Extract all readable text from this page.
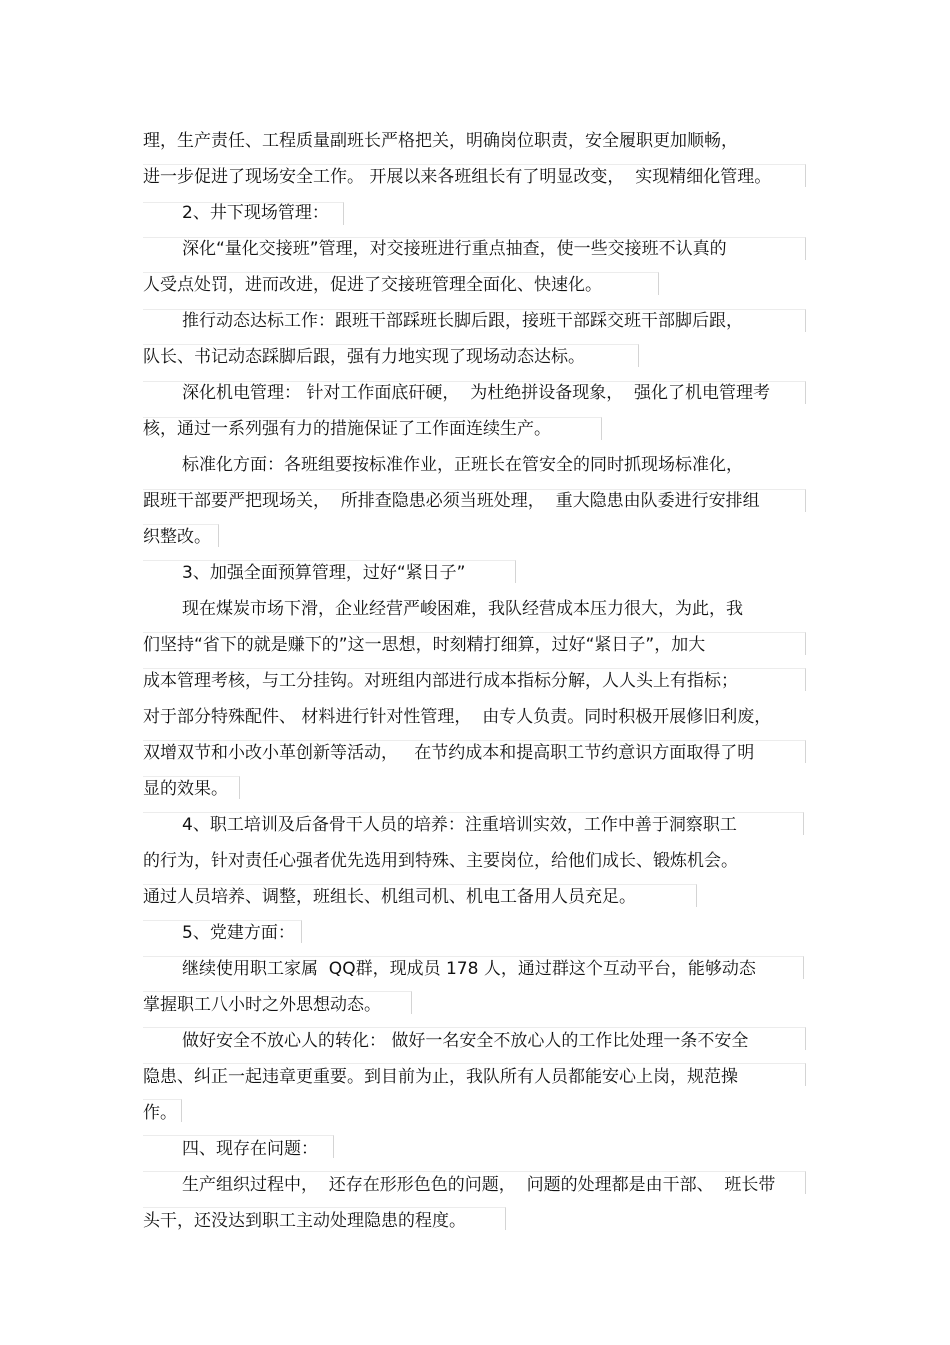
理，生产责任、工程质量副班长严格把关，明确岗位职责，安全履职更加顺畅，
进一步促进了现场安全工作。 开展以来各班组长有了明显改变，  实现精细化管理。
2、井下现场管理：
深化“量化交接班”管理，对交接班进行重点抽查，使一些交接班不认真的
人受点处罚，进而改进，促进了交接班管理全面化、快速化。
推行动态达标工作：跟班干部踩班长脚后跟，接班干部踩交班干部脚后跟，
队长、书记动态踩脚后跟，强有力地实现了现场动态达标。
深化机电管理： 针对工作面底矸硬，  为杜绝拼设备现象，  强化了机电管理考
核，通过一系列强有力的措施保证了工作面连续生产。
标准化方面：各班组要按标准作业，正班长在管安全的同时抓现场标准化，
跟班干部要严把现场关，  所排查隐患必须当班处理，  重大隐患由队委进行安排组
织整改。
3、加强全面预算管理，过好“紧日子”
现在煤炭市场下滑，企业经营严峻困难，我队经营成本压力很大，为此，我
们坚持“省下的就是赚下的”这一思想，时刻精打细算，过好“紧日子”，加大
成本管理考核，与工分挂钩。对班组内部进行成本指标分解，人人头上有指标；
对于部分特殊配件、 材料进行针对性管理，  由专人负责。同时积极开展修旧利废，
双增双节和小改小革创新等活动，   在节约成本和提高职工节约意识方面取得了明
显的效果。
4、职工培训及后备骨干人员的培养：注重培训实效，工作中善于洞察职工
的行为，针对责任心强者优先选用到特殊、主要岗位，给他们成长、锻炼机会。
通过人员培养、调整，班组长、机组司机、机电工备用人员充足。
5、党建方面：
继续使用职工家属  QQ群，现成员 178 人，通过群这个互动平台，能够动态
掌握职工八小时之外思想动态。
做好安全不放心人的转化： 做好一名安全不放心人的工作比处理一条不安全
隐患、纠正一起违章更重要。到目前为止，我队所有人员都能安心上岗，规范操
作。
四、现存在问题：
生产组织过程中，  还存在形形色色的问题，  问题的处理都是由干部、  班长带
头干，还没达到职工主动处理隐患的程度。
